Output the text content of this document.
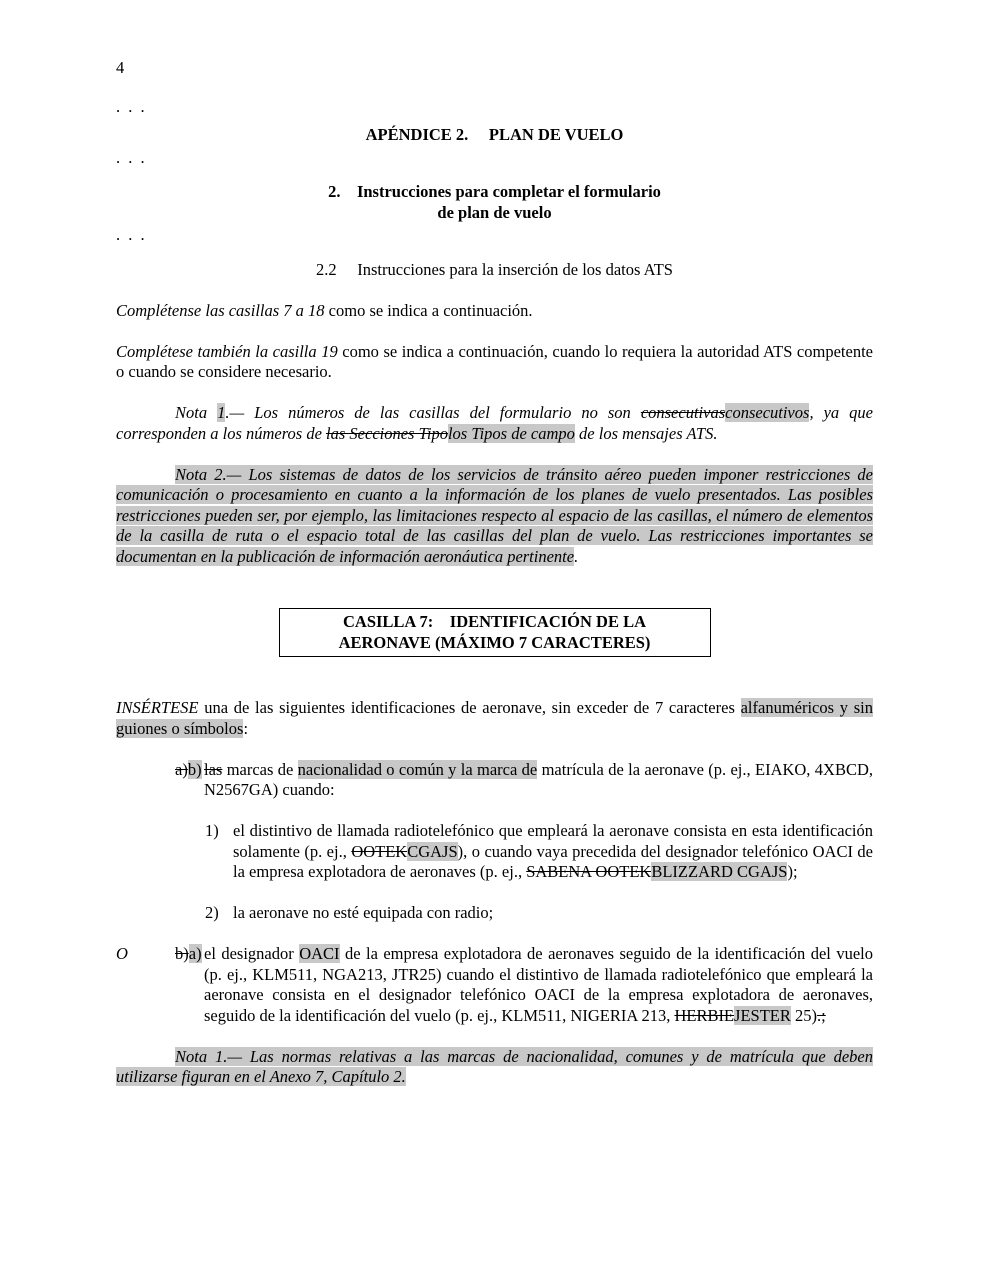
4

. . .

APÉNDICE 2.     PLAN DE VUELO

. . .

2.    Instrucciones para completar el formulario

de plan de vuelo

. . .

2.2     Instrucciones para la inserción de los datos ATS

Complétense las casillas 7 a 18 como se indica a continuación.

Complétese también la casilla 19 como se indica a continuación, cuando lo requiera la autoridad ATS competente o cuando se considere necesario.

Nota 1.— Los números de las casillas del formulario no son consecutivasconsecutivos, ya que corresponden a los números de las Secciones Tipolos Tipos de campo de los mensajes ATS.

Nota 2.— Los sistemas de datos de los servicios de tránsito aéreo pueden imponer restricciones de comunicación o procesamiento en cuanto a la información de los planes de vuelo presentados. Las posibles restricciones pueden ser, por ejemplo, las limitaciones respecto al espacio de las casillas, el número de elementos de la casilla de ruta o el espacio total de las casillas del plan de vuelo. Las restricciones importantes se documentan en la publicación de información aeronáutica pertinente.

CASILLA 7:    IDENTIFICACIÓN DE LA

AERONAVE (MÁXIMO 7 CARACTERES)

INSÉRTESE una de las siguientes identificaciones de aeronave, sin exceder de 7 caracteres alfanuméricos y sin guiones o símbolos:

a)b) las marcas de nacionalidad o común y la marca de matrícula de la aeronave (p. ej., EIAKO, 4XBCD, N2567GA) cuando:
1) el distintivo de llamada radiotelefónico que empleará la aeronave consista en esta identificación solamente (p. ej., OOTEKCGAJS), o cuando vaya precedida del designador telefónico OACI de la empresa explotadora de aeronaves (p. ej., SABENA OOTEKBLIZZARD CGAJS);
2) la aeronave no esté equipada con radio;
O	b)a) el designador OACI de la empresa explotadora de aeronaves seguido de la identificación del vuelo (p. ej., KLM511, NGA213, JTR25) cuando el distintivo de llamada radiotelefónico que empleará la aeronave consista en el designador telefónico OACI de la empresa explotadora de aeronaves, seguido de la identificación del vuelo (p. ej., KLM511, NIGERIA 213, HERBIEJESTER 25).;

Nota 1.— Las normas relativas a las marcas de nacionalidad, comunes y de matrícula que deben utilizarse figuran en el Anexo 7, Capítulo 2.
